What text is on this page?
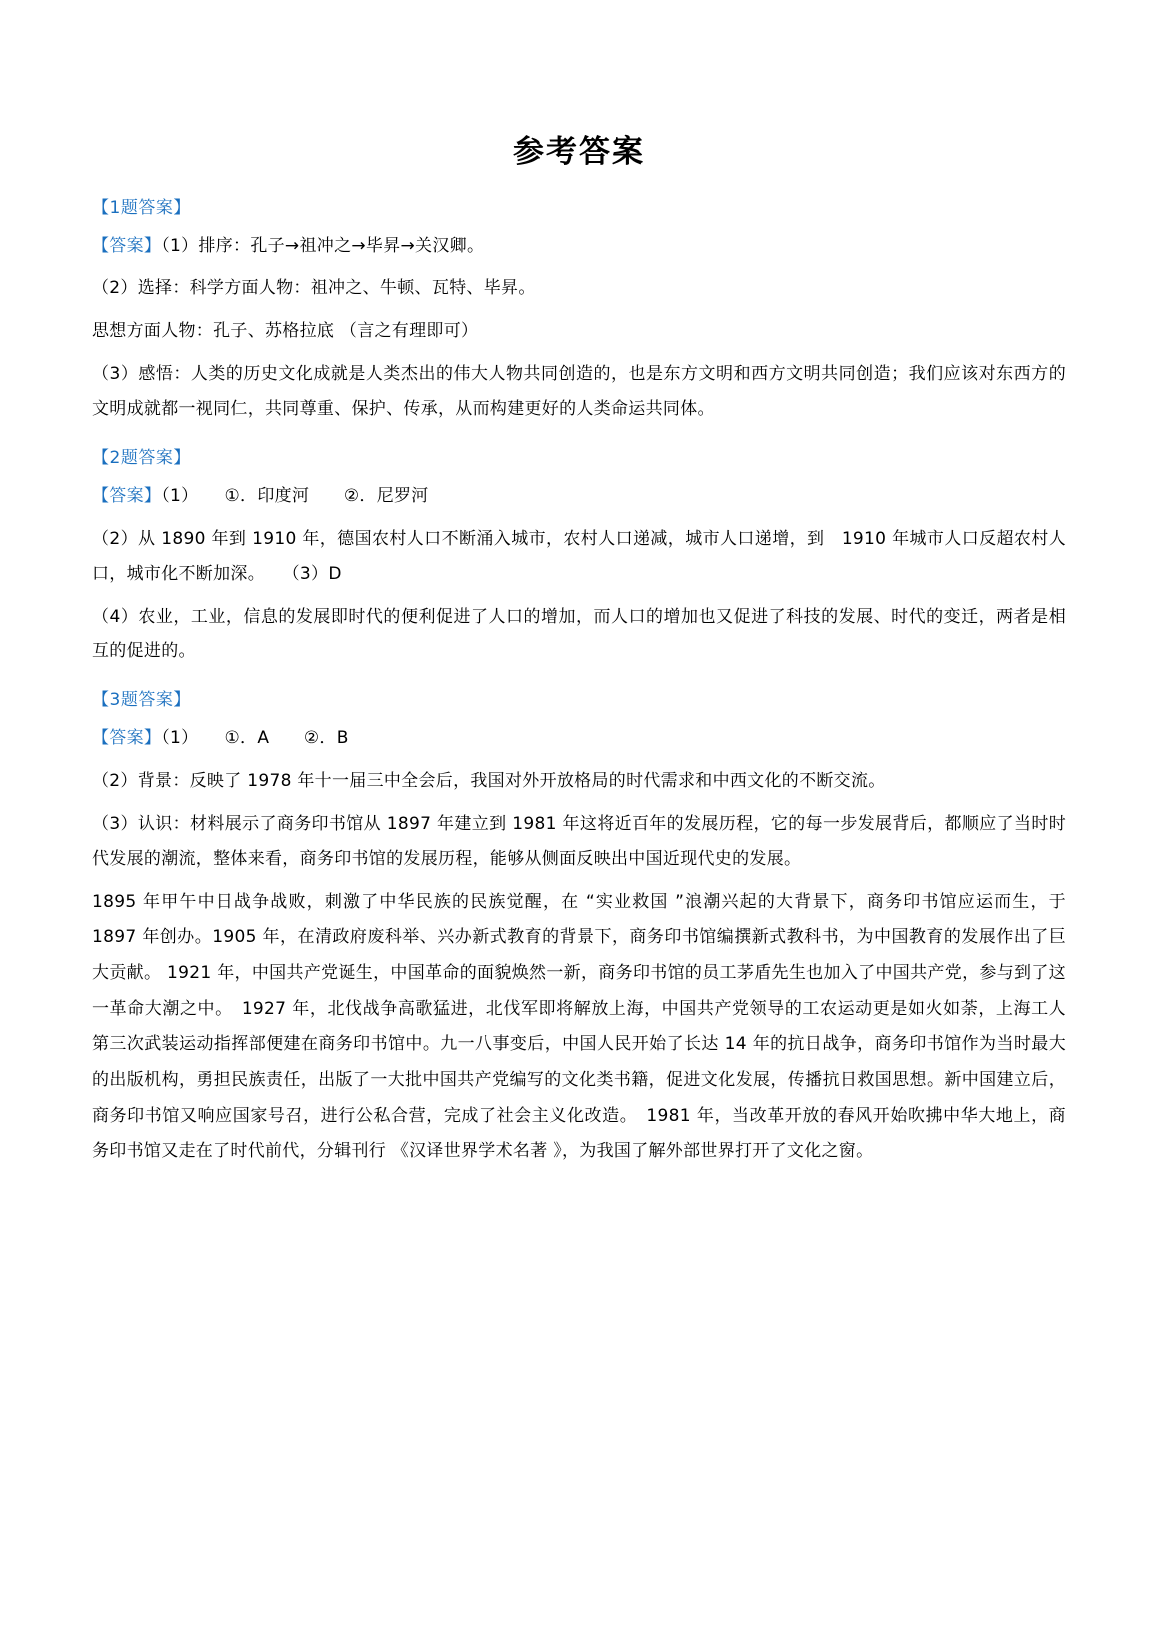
参考答案
【1题答案】
【答案】（1）排序：孔子→祖冲之→毕昇→关汉卿。
（2）选择：科学方面人物：祖冲之、牛顿、瓦特、毕昇。
思想方面人物：孔子、苏格拉底 （言之有理即可）
（3）感悟：人类的历史文化成就是人类杰出的伟大人物共同创造的，也是东方文明和西方文明共同创造；我们应该对东西方的文明成就都一视同仁，共同尊重、保护、传承，从而构建更好的人类命运共同体。
【2题答案】
【答案】（1）　　①．印度河　　②．尼罗河
（2）从 1890 年到 1910 年，德国农村人口不断涌入城市，农村人口递减，城市人口递增，到　1910 年城市人口反超农村人口，城市化不断加深。　　（3）D
（4）农业，工业，信息的发展即时代的便利促进了人口的增加，而人口的增加也又促进了科技的发展、时代的变迁，两者是相互的促进的。
【3题答案】
【答案】（1）　　①．A　　②．B
（2）背景：反映了 1978 年十一届三中全会后，我国对外开放格局的时代需求和中西文化的不断交流。
（3）认识：材料展示了商务印书馆从 1897 年建立到 1981 年这将近百年的发展历程，它的每一步发展背后，都顺应了当时时代发展的潮流，整体来看，商务印书馆的发展历程，能够从侧面反映出中国近现代史的发展。
1895 年甲午中日战争战败，刺激了中华民族的民族觉醒，在 “实业救国 ”浪潮兴起的大背景下，商务印书馆应运而生，于 1897 年创办。1905 年，在清政府废科举、兴办新式教育的背景下，商务印书馆编撰新式教科书，为中国教育的发展作出了巨大贡献。 1921 年，中国共产党诞生，中国革命的面貌焕然一新，商务印书馆的员工茅盾先生也加入了中国共产党，参与到了这一革命大潮之中。　1927 年，北伐战争高歌猛进，北伐军即将解放上海，中国共产党领导的工农运动更是如火如荼，上海工人第三次武装运动指挥部便建在商务印书馆中。九一八事变后，中国人民开始了长达 14 年的抗日战争，商务印书馆作为当时最大的出版机构，勇担民族责任，出版了一大批中国共产党编写的文化类书籍，促进文化发展，传播抗日救国思想。新中国建立后，商务印书馆又响应国家号召，进行公私合营，完成了社会主义化改造。　1981 年，当改革开放的春风开始吹拂中华大地上，商务印书馆又走在了时代前代，分辑刊行 《汉译世界学术名著 》，为我国了解外部世界打开了文化之窗。
